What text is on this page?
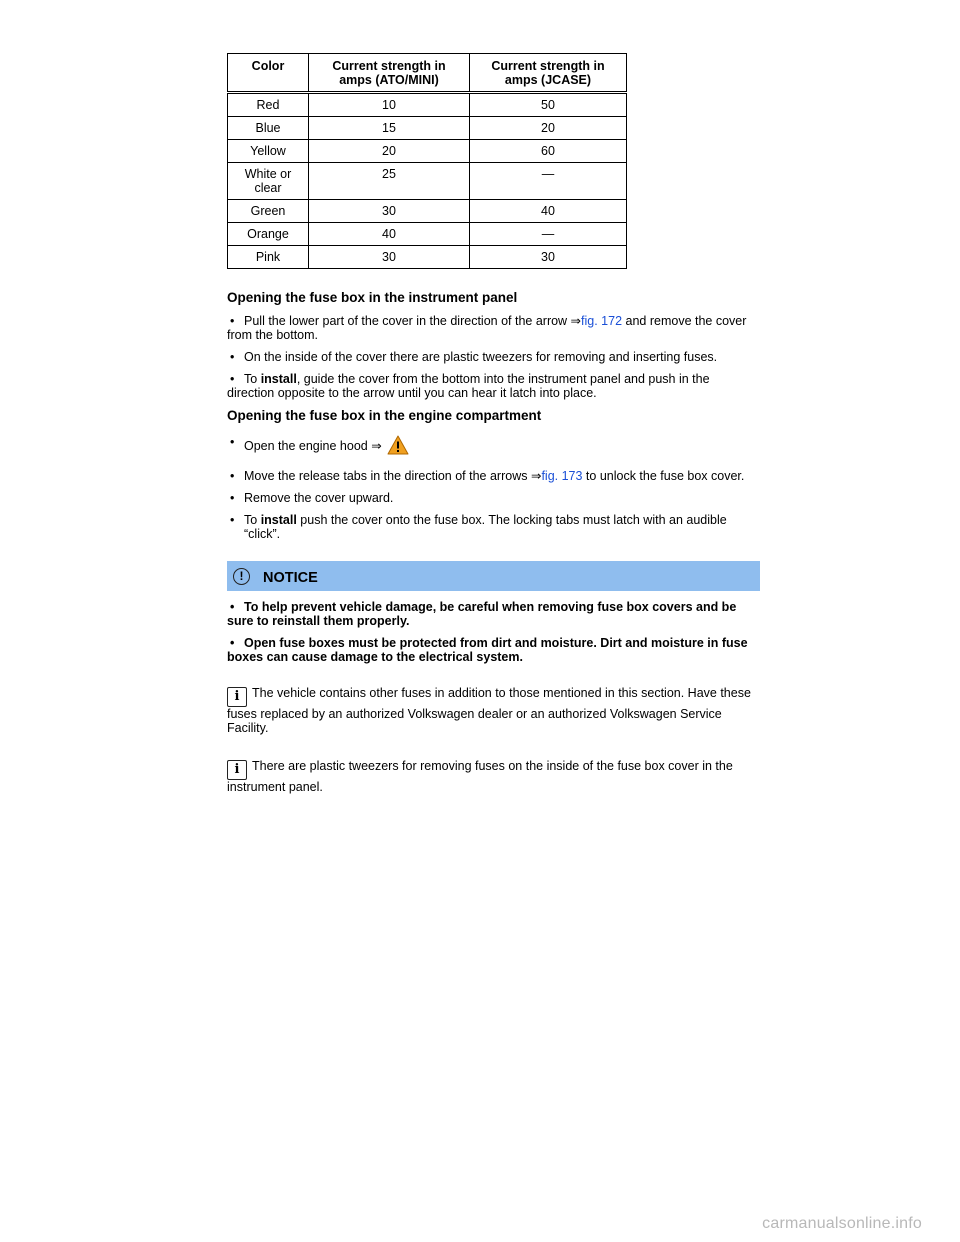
Color	Current strength in amps (ATO/MINI)	Current strength in amps (JCASE)
Red	10	50
Blue	15	20
Yellow	20	60
White or clear	25	—
Green	30	40
Orange	40	—
Pink	30	30
Opening the fuse box in the instrument panel
• Pull the lower part of the cover in the direction of the arrow ⇒fig. 172 and remove the cover from the bottom.
• On the inside of the cover there are plastic tweezers for removing and inserting fuses.
• To install, guide the cover from the bottom into the instrument panel and push in the direction opposite to the arrow until you can hear it latch into place.
Opening the fuse box in the engine compartment
• Open the engine hood ⇒
• Move the release tabs in the direction of the arrows ⇒fig. 173 to unlock the fuse box cover.
• Remove the cover upward.
• To install push the cover onto the fuse box. The locking tabs must latch with an audible “click”.
!	NOTICE
• To help prevent vehicle damage, be careful when removing fuse box covers and be sure to reinstall them properly.
• Open fuse boxes must be protected from dirt and moisture. Dirt and moisture in fuse boxes can cause damage to the electrical system.

i The vehicle contains other fuses in addition to those mentioned in this section. Have these fuses replaced by an authorized Volkswagen dealer or an authorized Volkswagen Service Facility.

i There are plastic tweezers for removing fuses on the inside of the fuse box cover in the instrument panel.

carmanualsonline.info
